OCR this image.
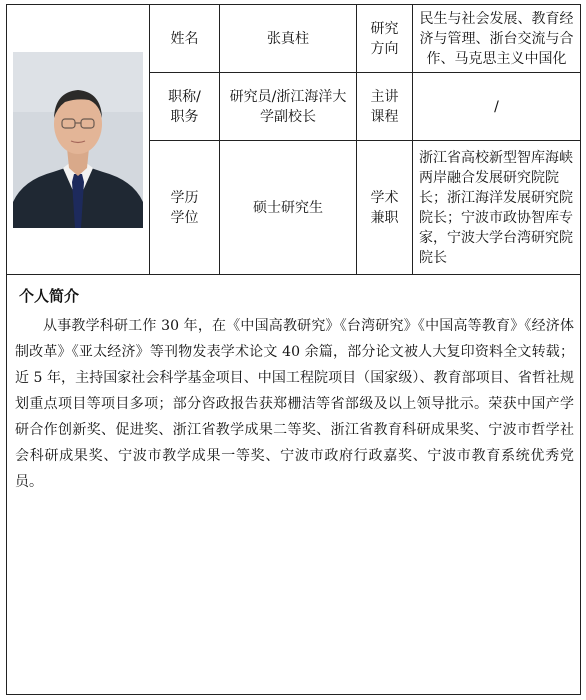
	姓名	张真柱	研究方向	民生与社会发展、教育经济与管理、浙台交流与合作、马克思主义中国化

	职称/职务	研究员/浙江海洋大学副校长	主讲课程	/

	学历学位	硕士研究生	学术兼职	浙江省高校新型智库海峡两岸融合发展研究院院长；浙江海洋发展研究院院长；宁波市政协智库专家，宁波大学台湾研究院院长

个人简介

从事教学科研工作 30 年，在《中国高教研究》《台湾研究》《中国高等教育》《经济体制改革》《亚太经济》等刊物发表学术论文 40 余篇，部分论文被人大复印资料全文转载；近 5 年，主持国家社会科学基金项目、中国工程院项目（国家级）、教育部项目、省哲社规划重点项目等项目多项；部分咨政报告获郑栅洁等省部级及以上领导批示。荣获中国产学研合作创新奖、促进奖、浙江省教学成果二等奖、浙江省教育科研成果奖、宁波市哲学社会科研成果奖、宁波市教学成果一等奖、宁波市政府行政嘉奖、宁波市教育系统优秀党员。				
